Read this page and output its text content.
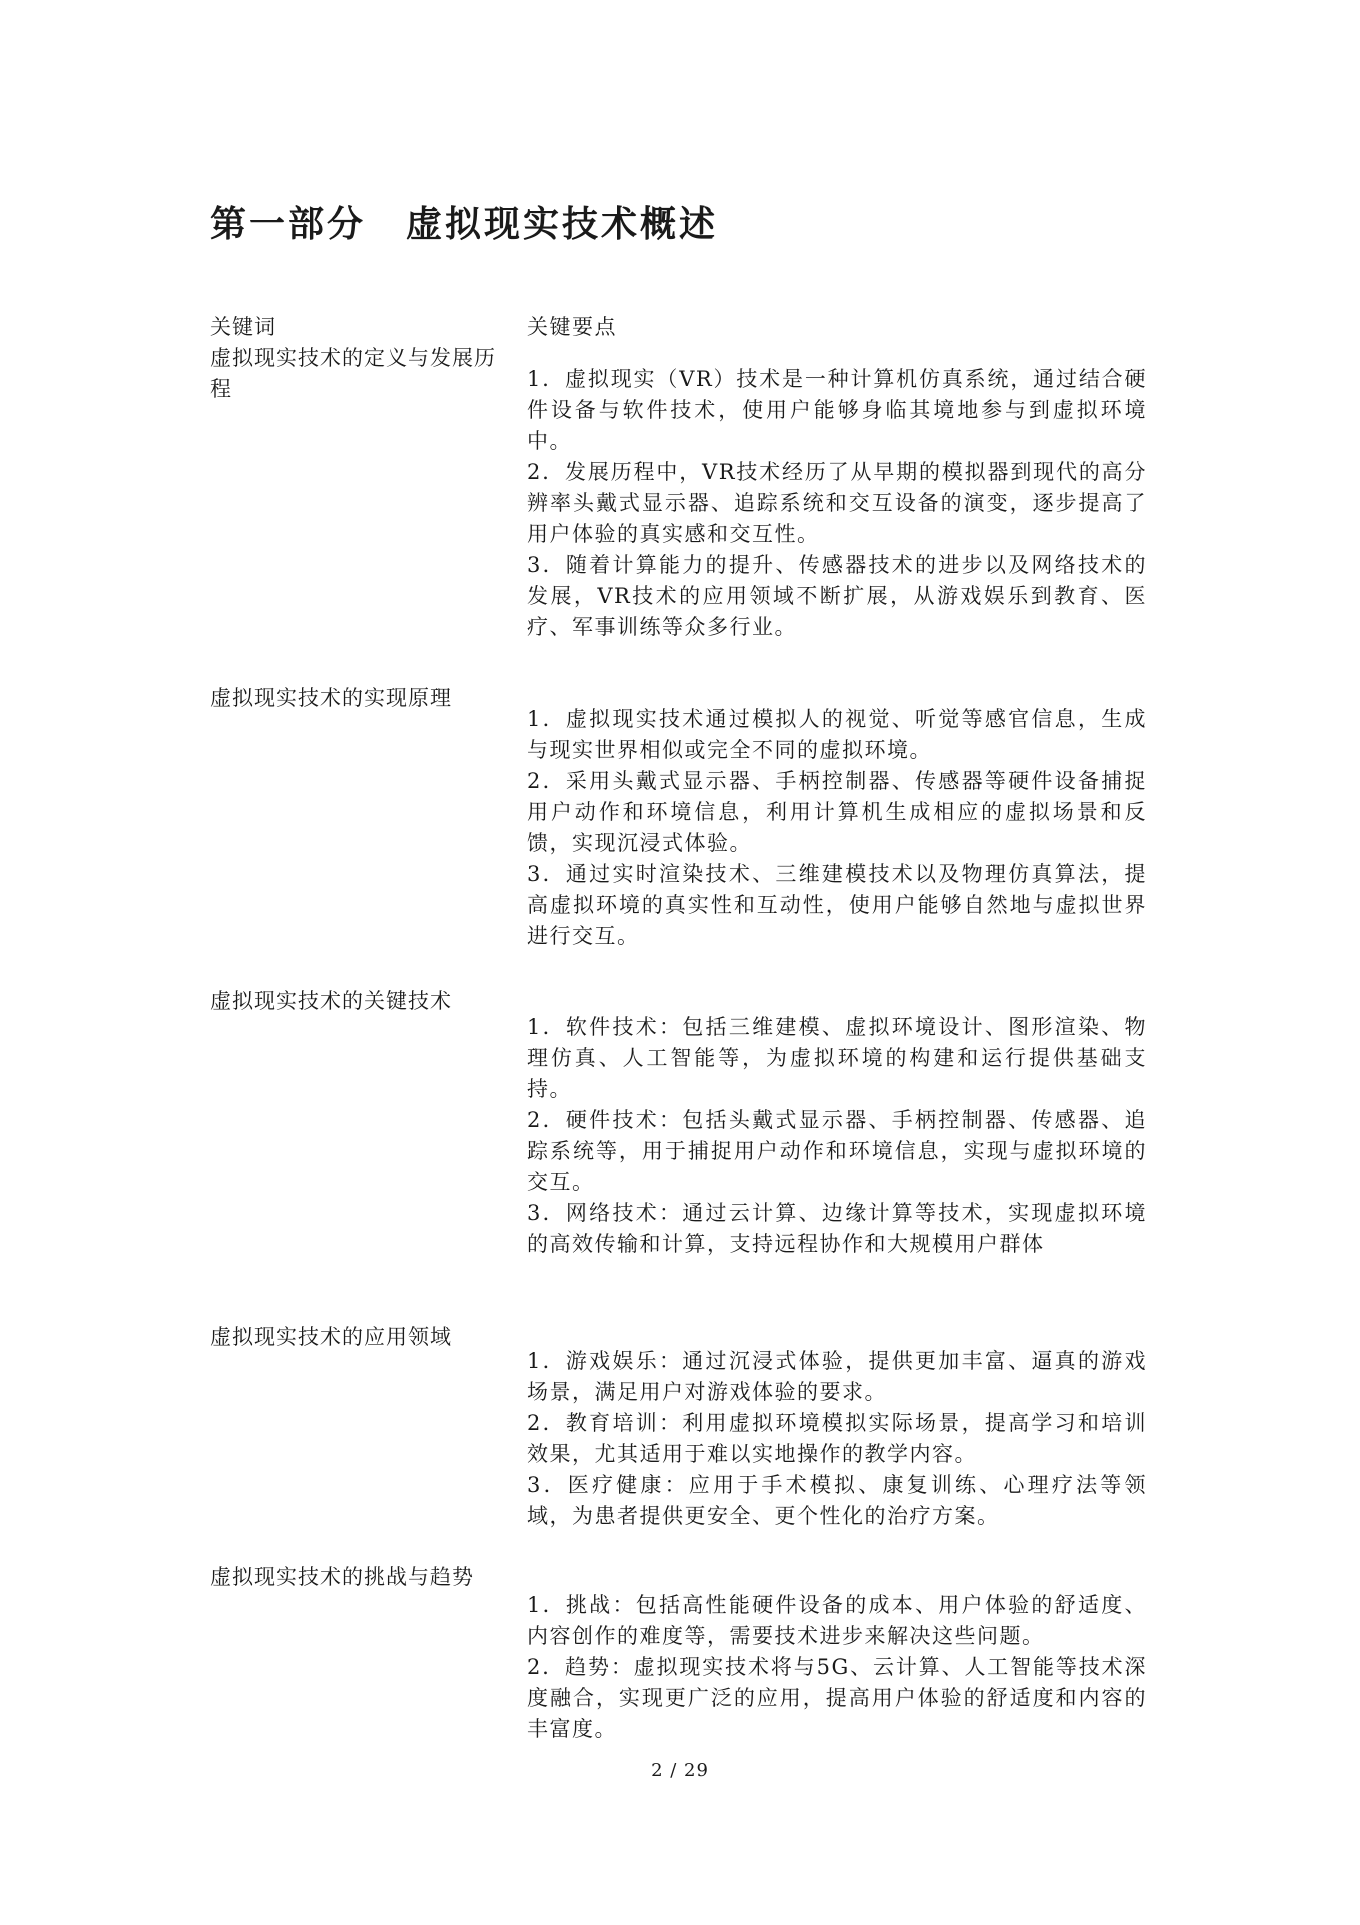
第一部分 虚拟现实技术概述
关键词	关键要点
虚拟现实技术的定义与发展历程	1．虚拟现实（VR）技术是一种计算机仿真系统，通过结合硬件设备与软件技术，使用户能够身临其境地参与到虚拟环境中。

2．发展历程中，VR技术经历了从早期的模拟器到现代的高分辨率头戴式显示器、追踪系统和交互设备的演变，逐步提高了用户体验的真实感和交互性。

3．随着计算能力的提升、传感器技术的进步以及网络技术的发展，VR技术的应用领域不断扩展，从游戏娱乐到教育、医疗、军事训练等众多行业。

虚拟现实技术的实现原理

1．虚拟现实技术通过模拟人的视觉、听觉等感官信息，生成与现实世界相似或完全不同的虚拟环境。

2．采用头戴式显示器、手柄控制器、传感器等硬件设备捕捉用户动作和环境信息，利用计算机生成相应的虚拟场景和反馈，实现沉浸式体验。

3．通过实时渲染技术、三维建模技术以及物理仿真算法，提高虚拟环境的真实性和互动性，使用户能够自然地与虚拟世界进行交互。

虚拟现实技术的关键技术

1．软件技术：包括三维建模、虚拟环境设计、图形渲染、物理仿真、人工智能等，为虚拟环境的构建和运行提供基础支持。

2．硬件技术：包括头戴式显示器、手柄控制器、传感器、追踪系统等，用于捕捉用户动作和环境信息，实现与虚拟环境的交互。

3．网络技术：通过云计算、边缘计算等技术，实现虚拟环境的高效传输和计算，支持远程协作和大规模用户群体

虚拟现实技术的应用领域

1．游戏娱乐：通过沉浸式体验，提供更加丰富、逼真的游戏场景，满足用户对游戏体验的要求。

2．教育培训：利用虚拟环境模拟实际场景，提高学习和培训效果，尤其适用于难以实地操作的教学内容。

3．医疗健康：应用于手术模拟、康复训练、心理疗法等领域，为患者提供更安全、更个性化的治疗方案。

虚拟现实技术的挑战与趋势

1．挑战：包括高性能硬件设备的成本、用户体验的舒适度、内容创作的难度等，需要技术进步来解决这些问题。

2．趋势：虚拟现实技术将与5G、云计算、人工智能等技术深度融合，实现更广泛的应用，提高用户体验的舒适度和内容的丰富度。

2 / 29
